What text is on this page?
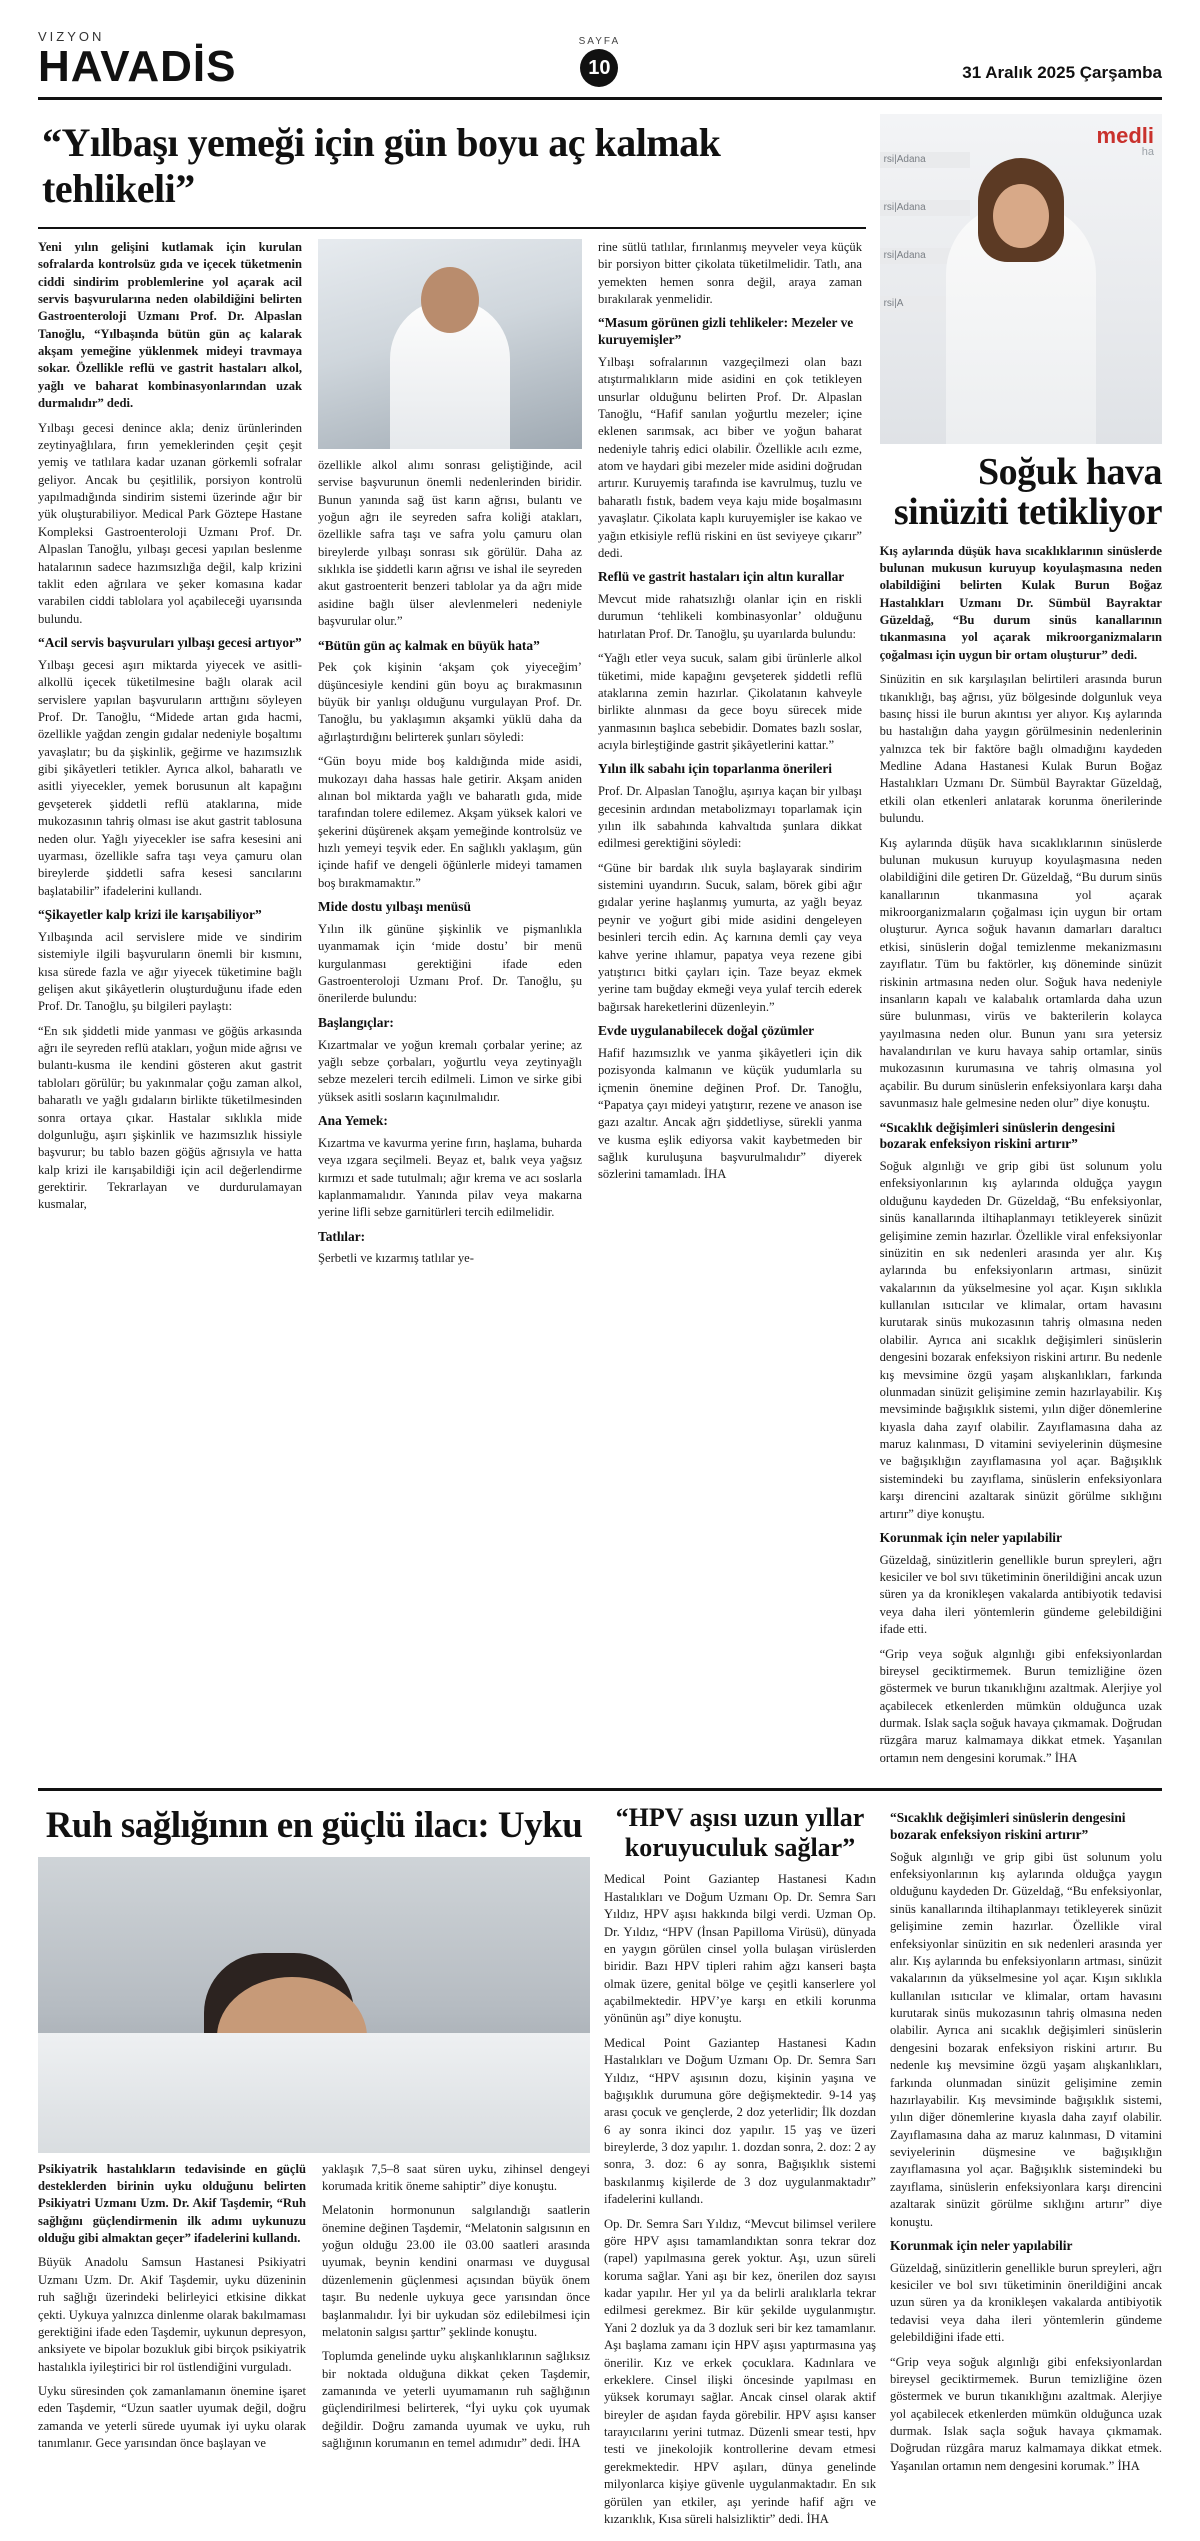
VIZYON
HAVADİS
SAYFA
10	31 Aralık 2025 Çarşamba
“Yılbaşı yemeği için gün boyu aç kalmak tehlikeli”

Yeni yılın gelişini kutlamak için kurulan sofralarda kontrolsüz gıda ve içecek tüketmenin ciddi sindirim problemlerine yol açarak acil servis başvurularına neden olabildiğini belirten Gastroenteroloji Uzmanı Prof. Dr. Alpaslan Tanoğlu, “Yılbaşında bütün gün aç kalarak akşam yemeğine yüklenmek mideyi travmaya sokar. Özellikle reflü ve gastrit hastaları alkol, yağlı ve baharat kombinasyonlarından uzak durmalıdır” dedi.

Yılbaşı gecesi denince akla; deniz ürünlerinden zeytinyağlılara, fırın yemeklerinden çeşit çeşit yemiş ve tatlılara kadar uzanan görkemli sofralar geliyor. Ancak bu çeşitlilik, porsiyon kontrolü yapılmadığında sindirim sistemi üzerinde ağır bir yük oluşturabiliyor. Medical Park Göztepe Hastane Kompleksi Gastroenteroloji Uzmanı Prof. Dr. Alpaslan Tanoğlu, yılbaşı gecesi yapılan beslenme hatalarının sadece hazımsızlığa değil, kalp krizini taklit eden ağrılara ve şeker komasına kadar varabilen ciddi tablolara yol açabileceği uyarısında bulundu.

“Acil servis başvuruları yılbaşı gecesi artıyor”

Yılbaşı gecesi aşırı miktarda yiyecek ve asitli-alkollü içecek tüketilmesine bağlı olarak acil servislere yapılan başvuruların arttığını söyleyen Prof. Dr. Tanoğlu, “Midede artan gıda hacmi, özellikle yağdan zengin gıdalar nedeniyle boşaltımı yavaşlatır; bu da şişkinlik, geğirme ve hazımsızlık gibi şikâyetleri tetikler. Ayrıca alkol, baharatlı ve asitli yiyecekler, yemek borusunun alt kapağını gevşeterek şiddetli reflü ataklarına, mide mukozasının tahriş olması ise akut gastrit tablosuna neden olur. Yağlı yiyecekler ise safra kesesini ani uyarması, özellikle safra taşı veya çamuru olan bireylerde şiddetli safra kesesi sancılarını başlatabilir” ifadelerini kullandı.

“Şikayetler kalp krizi ile karışabiliyor”

Yılbaşında acil servislere mide ve sindirim sistemiyle ilgili başvuruların önemli bir kısmını, kısa sürede fazla ve ağır yiyecek tüketimine bağlı gelişen akut şikâyetlerin oluşturduğunu ifade eden Prof. Dr. Tanoğlu, şu bilgileri paylaştı:

“En sık şiddetli mide yanması ve göğüs arkasında ağrı ile seyreden reflü atakları, yoğun mide ağrısı ve bulantı-kusma ile kendini gösteren akut gastrit tabloları görülür; bu yakınmalar çoğu zaman alkol, baharatlı ve yağlı gıdaların birlikte tüketilmesinden sonra ortaya çıkar. Hastalar sıklıkla mide dolgunluğu, aşırı şişkinlik ve hazımsızlık hissiyle başvurur; bu tablo bazen göğüs ağrısıyla ve hatta kalp krizi ile karışabildiği için acil değerlendirme gerektirir. Tekrarlayan ve durdurulamayan kusmalar,

özellikle alkol alımı sonrası geliştiğinde, acil servise başvurunun önemli nedenlerinden biridir. Bunun yanında sağ üst karın ağrısı, bulantı ve yoğun ağrı ile seyreden safra koliği atakları, özellikle safra taşı ve safra yolu çamuru olan bireylerde yılbaşı sonrası sık görülür. Daha az sıklıkla ise şiddetli karın ağrısı ve ishal ile seyreden akut gastroenterit benzeri tablolar ya da ağrı mide asidine bağlı ülser alevlenmeleri nedeniyle başvurular olur.”

“Bütün gün aç kalmak en büyük hata”

Pek çok kişinin ‘akşam çok yiyeceğim’ düşüncesiyle kendini gün boyu aç bırakmasının büyük bir yanlışı olduğunu vurgulayan Prof. Dr. Tanoğlu, bu yaklaşımın akşamki yüklü daha da ağırlaştırdığını belirterek şunları söyledi:

“Gün boyu mide boş kaldığında mide asidi, mukozayı daha hassas hale getirir. Akşam aniden alınan bol miktarda yağlı ve baharatlı gıda, mide tarafından tolere edilemez. Akşam yüksek kalori ve şekerini düşürenek akşam yemeğinde kontrolsüz ve hızlı yemeyi teşvik eder. En sağlıklı yaklaşım, gün içinde hafif ve dengeli öğünlerle mideyi tamamen boş bırakmamaktır.”

Mide dostu yılbaşı menüsü

Yılın ilk gününe şişkinlik ve pişmanlıkla uyanmamak için ‘mide dostu’ bir menü kurgulanması gerektiğini ifade eden Gastroenteroloji Uzmanı Prof. Dr. Tanoğlu, şu önerilerde bulundu:

Başlangıçlar:

Kızartmalar ve yoğun kremalı çorbalar yerine; az yağlı sebze çorbaları, yoğurtlu veya zeytinyağlı sebze mezeleri tercih edilmeli. Limon ve sirke gibi yüksek asitli sosların kaçınılmalıdır.

Ana Yemek:

Kızartma ve kavurma yerine fırın, haşlama, buharda veya ızgara seçilmeli. Beyaz et, balık veya yağsız kırmızı et sade tutulmalı; ağır krema ve acı soslarla kaplanmamalıdır. Yanında pilav veya makarna yerine lifli sebze garnitürleri tercih edilmelidir.

Tatlılar:

Şerbetli ve kızarmış tatlılar ye-

rine sütlü tatlılar, fırınlanmış meyveler veya küçük bir porsiyon bitter çikolata tüketilmelidir. Tatlı, ana yemekten hemen sonra değil, araya zaman bırakılarak yenmelidir.

“Masum görünen gizli tehlikeler: Mezeler ve kuruyemişler”

Yılbaşı sofralarının vazgeçilmezi olan bazı atıştırmalıkların mide asidini en çok tetikleyen unsurlar olduğunu belirten Prof. Dr. Alpaslan Tanoğlu, “Hafif sanılan yoğurtlu mezeler; içine eklenen sarımsak, acı biber ve yoğun baharat nedeniyle tahriş edici olabilir. Özellikle acılı ezme, atom ve haydari gibi mezeler mide asidini doğrudan artırır. Kuruyemiş tarafında ise kavrulmuş, tuzlu ve baharatlı fıstık, badem veya kaju mide boşalmasını yavaşlatır. Çikolata kaplı kuruyemişler ise kakao ve yağın etkisiyle reflü riskini en üst seviyeye çıkarır” dedi.

Reflü ve gastrit hastaları için altın kurallar

Mevcut mide rahatsızlığı olanlar için en riskli durumun ‘tehlikeli kombinasyonlar’ olduğunu hatırlatan Prof. Dr. Tanoğlu, şu uyarılarda bulundu:

“Yağlı etler veya sucuk, salam gibi ürünlerle alkol tüketimi, mide kapağını gevşeterek şiddetli reflü ataklarına zemin hazırlar. Çikolatanın kahveyle birlikte alınması da gece boyu sürecek mide yanmasının başlıca sebebidir. Domates bazlı soslar, acıyla birleştiğinde gastrit şikâyetlerini kattar.”

Yılın ilk sabahı için toparlanma önerileri

Prof. Dr. Alpaslan Tanoğlu, aşırıya kaçan bir yılbaşı gecesinin ardından metabolizmayı toparlamak için yılın ilk sabahında kahvaltıda şunlara dikkat edilmesi gerektiğini söyledi:

“Güne bir bardak ılık suyla başlayarak sindirim sistemini uyandırın. Sucuk, salam, börek gibi ağır gıdalar yerine haşlanmış yumurta, az yağlı beyaz peynir ve yoğurt gibi mide asidini dengeleyen besinleri tercih edin. Aç karnına demli çay veya kahve yerine ıhlamur, papatya veya rezene gibi yatıştırıcı bitki çayları için. Taze beyaz ekmek yerine tam buğday ekmeği veya yulaf tercih ederek bağırsak hareketlerini düzenleyin.”

Evde uygulanabilecek doğal çözümler

Hafif hazımsızlık ve yanma şikâyetleri için dik pozisyonda kalmanın ve küçük yudumlarla su içmenin önemine değinen Prof. Dr. Tanoğlu, “Papatya çayı mideyi yatıştırır, rezene ve anason ise gazı azaltır. Ancak ağrı şiddetliyse, sürekli yanma ve kusma eşlik ediyorsa vakit kaybetmeden bir sağlık kuruluşuna başvurulmalıdır” diyerek sözlerini tamamladı. İHA

rsi|Adana
rsi|Adana
rsi|Adana
rsi|A
medli
ha
Soğuk hava sinüziti tetikliyor

Kış aylarında düşük hava sıcaklıklarının sinüslerde bulunan mukusun kuruyup koyulaşmasına neden olabildiğini belirten Kulak Burun Boğaz Hastalıkları Uzmanı Dr. Sümbül Bayraktar Güzeldağ, “Bu durum sinüs kanallarının tıkanmasına yol açarak mikroorganizmaların çoğalması için uygun bir ortam oluşturur” dedi.

Sinüzitin en sık karşılaşılan belirtileri arasında burun tıkanıklığı, baş ağrısı, yüz bölgesinde dolgunluk veya basınç hissi ile burun akıntısı yer alıyor. Kış aylarında bu hastalığın daha yaygın görülmesinin nedenlerinin yalnızca tek bir faktöre bağlı olmadığını kaydeden Medline Adana Hastanesi Kulak Burun Boğaz Hastalıkları Uzmanı Dr. Sümbül Bayraktar Güzeldağ, etkili olan etkenleri anlatarak korunma önerilerinde bulundu.

Kış aylarında düşük hava sıcaklıklarının sinüslerde bulunan mukusun kuruyup koyulaşmasına neden olabildiğini dile getiren Dr. Güzeldağ, “Bu durum sinüs kanallarının tıkanmasına yol açarak mikroorganizmaların çoğalması için uygun bir ortam oluşturur. Ayrıca soğuk havanın damarları daraltıcı etkisi, sinüslerin doğal temizlenme mekanizmasını zayıflatır. Tüm bu faktörler, kış döneminde sinüzit riskinin artmasına neden olur. Soğuk hava nedeniyle insanların kapalı ve kalabalık ortamlarda daha uzun süre bulunması, virüs ve bakterilerin kolayca yayılmasına neden olur. Bunun yanı sıra yetersiz havalandırılan ve kuru havaya sahip ortamlar, sinüs mukozasının kurumasına ve tahriş olmasına yol açabilir. Bu durum sinüslerin enfeksiyonlara karşı daha savunmasız hale gelmesine neden olur” diye konuştu.

“Sıcaklık değişimleri sinüslerin dengesini bozarak enfeksiyon riskini artırır”

Soğuk algınlığı ve grip gibi üst solunum yolu enfeksiyonlarının kış aylarında olduğça yaygın olduğunu kaydeden Dr. Güzeldağ, “Bu enfeksiyonlar, sinüs kanallarında iltihaplanmayı tetikleyerek sinüzit gelişimine zemin hazırlar. Özellikle viral enfeksiyonlar sinüzitin en sık nedenleri arasında yer alır. Kış aylarında bu enfeksiyonların artması, sinüzit vakalarının da yükselmesine yol açar. Kışın sıklıkla kullanılan ısıtıcılar ve klimalar, ortam havasını kurutarak sinüs mukozasının tahriş olmasına neden olabilir. Ayrıca ani sıcaklık değişimleri sinüslerin dengesini bozarak enfeksiyon riskini artırır. Bu nedenle kış mevsimine özgü yaşam alışkanlıkları, farkında olunmadan sinüzit gelişimine zemin hazırlayabilir. Kış mevsiminde bağışıklık sistemi, yılın diğer dönemlerine kıyasla daha zayıf olabilir. Zayıflamasına daha az maruz kalınması, D vitamini seviyelerinin düşmesine ve bağışıklığın zayıflamasına yol açar. Bağışıklık sistemindeki bu zayıflama, sinüslerin enfeksiyonlara karşı direncini azaltarak sinüzit görülme sıklığını artırır” diye konuştu.

Korunmak için neler yapılabilir

Güzeldağ, sinüzitlerin genellikle burun spreyleri, ağrı kesiciler ve bol sıvı tüketiminin önerildiğini ancak uzun süren ya da kronikleşen vakalarda antibiyotik tedavisi veya daha ileri yöntemlerin gündeme gelebildiğini ifade etti.

“Grip veya soğuk algınlığı gibi enfeksiyonlardan bireysel geciktirmemek. Burun temizliğine özen göstermek ve burun tıkanıklığını azaltmak. Alerjiye yol açabilecek etkenlerden mümkün olduğunca uzak durmak. Islak saçla soğuk havaya çıkmamak. Doğrudan rüzgâra maruz kalmamaya dikkat etmek. Yaşanılan ortamın nem dengesini korumak.” İHA

Ruh sağlığının en güçlü ilacı: Uyku

Psikiyatrik hastalıkların tedavisinde en güçlü desteklerden birinin uyku olduğunu belirten Psikiyatri Uzmanı Uzm. Dr. Akif Taşdemir, “Ruh sağlığını güçlendirmenin ilk adımı uykunuzu olduğu gibi almaktan geçer” ifadelerini kullandı.

Büyük Anadolu Samsun Hastanesi Psikiyatri Uzmanı Uzm. Dr. Akif Taşdemir, uyku düzeninin ruh sağlığı üzerindeki belirleyici etkisine dikkat çekti. Uykuya yalnızca dinlenme olarak bakılmaması gerektiğini ifade eden Taşdemir, uykunun depresyon, anksiyete ve bipolar bozukluk gibi birçok psikiyatrik hastalıkla iyileştirici bir rol üstlendiğini vurguladı.

Uyku süresinden çok zamanlamanın önemine işaret eden Taşdemir, “Uzun saatler uyumak değil, doğru zamanda ve yeterli sürede uyumak iyi uyku olarak tanımlanır. Gece yarısından önce başlayan ve

yaklaşık 7,5–8 saat süren uyku, zihinsel dengeyi korumada kritik öneme sahiptir” diye konuştu.

Melatonin hormonunun salgılandığı saatlerin önemine değinen Taşdemir, “Melatonin salgısının en yoğun olduğu 23.00 ile 03.00 saatleri arasında uyumak, beynin kendini onarması ve duygusal düzenlemenin güçlenmesi açısından büyük önem taşır. Bu nedenle uykuya gece yarısından önce başlanmalıdır. İyi bir uykudan söz edilebilmesi için melatonin salgısı şarttır” şeklinde konuştu.

Toplumda genelinde uyku alışkanlıklarının sağlıksız bir noktada olduğuna dikkat çeken Taşdemir, zamanında ve yeterli uyumamanın ruh sağlığının güçlendirilmesi belirterek, “İyi uyku çok uyumak değildir. Doğru zamanda uyumak ve uyku, ruh sağlığının korumanın en temel adımıdır” dedi. İHA

“HPV aşısı uzun yıllar koruyuculuk sağlar”

Medical Point Gaziantep Hastanesi Kadın Hastalıkları ve Doğum Uzmanı Op. Dr. Semra Sarı Yıldız, HPV aşısı hakkında bilgi verdi. Uzman Op. Dr. Yıldız, “HPV (İnsan Papilloma Virüsü), dünyada en yaygın görülen cinsel yolla bulaşan virüslerden biridir. Bazı HPV tipleri rahim ağzı kanseri başta olmak üzere, genital bölge ve çeşitli kanserlere yol açabilmektedir. HPV’ye karşı en etkili korunma yönünün aşı” diye konuştu.

Medical Point Gaziantep Hastanesi Kadın Hastalıkları ve Doğum Uzmanı Op. Dr. Semra Sarı Yıldız, “HPV aşısının dozu, kişinin yaşına ve bağışıklık durumuna göre değişmektedir. 9-14 yaş arası çocuk ve gençlerde, 2 doz yeterlidir; İlk dozdan 6 ay sonra ikinci doz yapılır. 15 yaş ve üzeri bireylerde, 3 doz yapılır. 1. dozdan sonra, 2. doz: 2 ay sonra, 3. doz: 6 ay sonra, Bağışıklık sistemi baskılanmış kişilerde de 3 doz uygulanmaktadır” ifadelerini kullandı.

Op. Dr. Semra Sarı Yıldız, “Mevcut bilimsel verilere göre HPV aşısı tamamlandıktan sonra tekrar doz (rapel) yapılmasına gerek yoktur. Aşı, uzun süreli koruma sağlar. Yani aşı bir kez, önerilen doz sayısı kadar yapılır. Her yıl ya da belirli aralıklarla tekrar edilmesi gerekmez. Bir kür şekilde uygulanmıştır. Yani 2 dozluk ya da 3 dozluk seri bir kez tamamlanır. Aşı başlama zamanı için HPV aşısı yaptırmasına yaş önerilir. Kız ve erkek çocuklara. Kadınlara ve erkeklere. Cinsel ilişki öncesinde yapılması en yüksek korumayı sağlar. Ancak cinsel olarak aktif bireyler de aşıdan fayda görebilir. HPV aşısı kanser tarayıcılarını yerini tutmaz. Düzenli smear testi, hpv testi ve jinekolojik kontrollerine devam etmesi gerekmektedir. HPV aşıları, dünya genelinde milyonlarca kişiye güvenle uygulanmaktadır. En sık görülen yan etkiler, aşı yerinde hafif ağrı ve kızarıklık, Kısa süreli halsizliktir” dedi. İHA

“Sıcaklık değişimleri sinüslerin dengesini bozarak enfeksiyon riskini artırır”

Soğuk algınlığı ve grip gibi üst solunum yolu enfeksiyonlarının kış aylarında olduğça yaygın olduğunu kaydeden Dr. Güzeldağ, “Bu enfeksiyonlar, sinüs kanallarında iltihaplanmayı tetikleyerek sinüzit gelişimine zemin hazırlar. Özellikle viral enfeksiyonlar sinüzitin en sık nedenleri arasında yer alır. Kış aylarında bu enfeksiyonların artması, sinüzit vakalarının da yükselmesine yol açar. Kışın sıklıkla kullanılan ısıtıcılar ve klimalar, ortam havasını kurutarak sinüs mukozasının tahriş olmasına neden olabilir. Ayrıca ani sıcaklık değişimleri sinüslerin dengesini bozarak enfeksiyon riskini artırır. Bu nedenle kış mevsimine özgü yaşam alışkanlıkları, farkında olunmadan sinüzit gelişimine zemin hazırlayabilir. Kış mevsiminde bağışıklık sistemi, yılın diğer dönemlerine kıyasla daha zayıf olabilir. Zayıflamasına daha az maruz kalınması, D vitamini seviyelerinin düşmesine ve bağışıklığın zayıflamasına yol açar. Bağışıklık sistemindeki bu zayıflama, sinüslerin enfeksiyonlara karşı direncini azaltarak sinüzit görülme sıklığını artırır” diye konuştu.

Korunmak için neler yapılabilir

Güzeldağ, sinüzitlerin genellikle burun spreyleri, ağrı kesiciler ve bol sıvı tüketiminin önerildiğini ancak uzun süren ya da kronikleşen vakalarda antibiyotik tedavisi veya daha ileri yöntemlerin gündeme gelebildiğini ifade etti.

“Grip veya soğuk algınlığı gibi enfeksiyonlardan bireysel geciktirmemek. Burun temizliğine özen göstermek ve burun tıkanıklığını azaltmak. Alerjiye yol açabilecek etkenlerden mümkün olduğunca uzak durmak. Islak saçla soğuk havaya çıkmamak. Doğrudan rüzgâra maruz kalmamaya dikkat etmek. Yaşanılan ortamın nem dengesini korumak.” İHA
